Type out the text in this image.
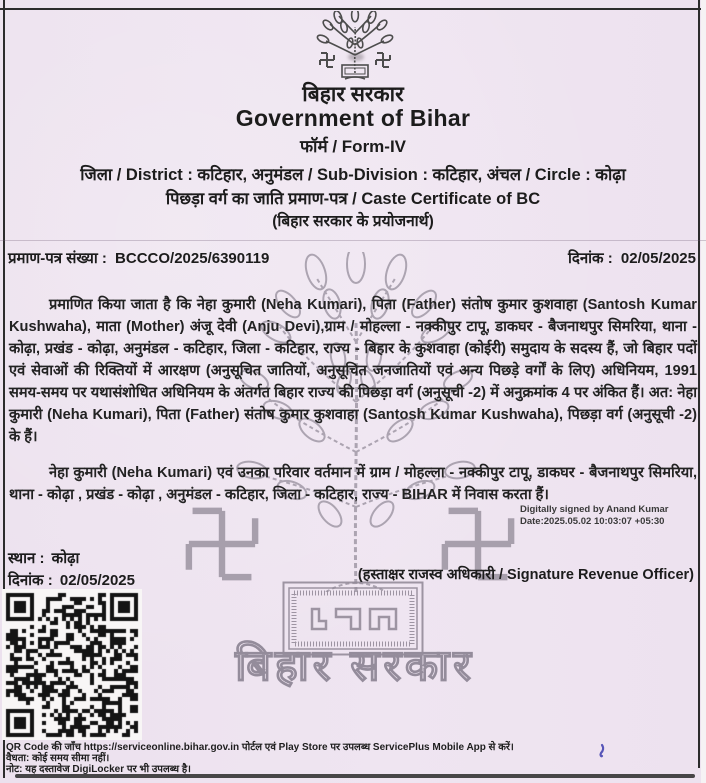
बिहार सरकार
बिहार सरकार
Government of Bihar
फॉर्म / Form-IV
जिला / District : कटिहार, अनुमंडल / Sub-Division : कटिहार, अंचल / Circle : कोढ़ा
पिछड़ा वर्ग का जाति प्रमाण-पत्र / Caste Certificate of BC
(बिहार सरकार के प्रयोजनार्थ)
प्रमाण-पत्र संख्या : BCCCO/2025/6390119	दिनांक : 02/05/2025

प्रमाणित किया जाता है कि नेहा कुमारी (Neha Kumari), पिता (Father) संतोष कुमार कुशवाहा (Santosh Kumar Kushwaha), माता (Mother) अंजू देवी (Anju Devi),ग्राम / मोहल्ला - नक्कीपुर टापू, डाकघर - बैजनाथपुर सिमरिया, थाना - कोढ़ा, प्रखंड - कोढ़ा, अनुमंडल - कटिहार, जिला - कटिहार, राज्य - बिहार के कुशवाहा (कोईरी) समुदाय के सदस्य हैं, जो बिहार पदों एवं सेवाओं की रिक्तियों में आरक्षण (अनुसूचित जातियों, अनुसूचित जनजातियों एवं अन्य पिछड़े वर्गों के लिए) अधिनियम, 1991 समय-समय पर यथासंशोधित अधिनियम के अंतर्गत बिहार राज्य की पिछड़ा वर्ग (अनुसूची -2) में अनुक्रमांक 4 पर अंकित हैं। अत: नेहा कुमारी (Neha Kumari), पिता (Father) संतोष कुमार कुशवाहा (Santosh Kumar Kushwaha), पिछड़ा वर्ग (अनुसूची -2) के हैं।

नेहा कुमारी (Neha Kumari) एवं उनका परिवार वर्तमान में ग्राम / मोहल्ला - नक्कीपुर टापू, डाकघर - बैजनाथपुर सिमरिया, थाना - कोढ़ा , प्रखंड - कोढ़ा , अनुमंडल - कटिहार, जिला - कटिहार, राज्य - BIHAR में निवास करता हैं।

Digitally signed by Anand Kumar
Date:2025.05.02 10:03:07 +05:30
स्थान : कोढ़ा
दिनांक : 02/05/2025	(हस्ताक्षर राजस्व अधिकारी / Signature Revenue Officer)
QR Code की जाँच https://serviceonline.bihar.gov.in पोर्टल एवं Play Store पर उपलब्ध ServicePlus Mobile App से करें।
वैधता: कोई समय सीमा नहीं।
नोट: यह दस्तावेज DigiLocker पर भी उपलब्ध है।
